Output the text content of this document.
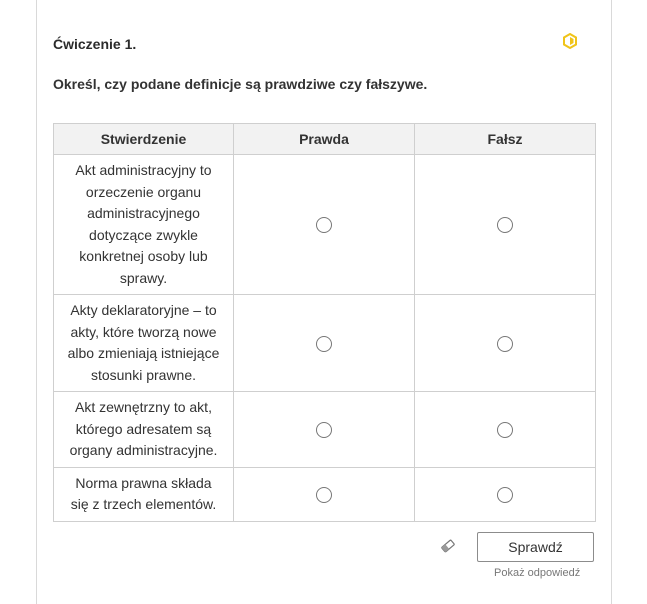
Ćwiczenie 1.
Określ, czy podane definicje są prawdziwe czy fałszywe.
Stwierdzenie	Prawda	Fałsz
Akt administracyjny to orzeczenie organu administracyjnego dotyczące zwykle konkretnej osoby lub sprawy.		
Akty deklaratoryjne – to akty, które tworzą nowe albo zmieniają istniejące stosunki prawne.		
Akt zewnętrzny to akt, którego adresatem są organy administracyjne.		
Norma prawna składa się z trzech elementów.		
Sprawdź
Pokaż odpowiedź
